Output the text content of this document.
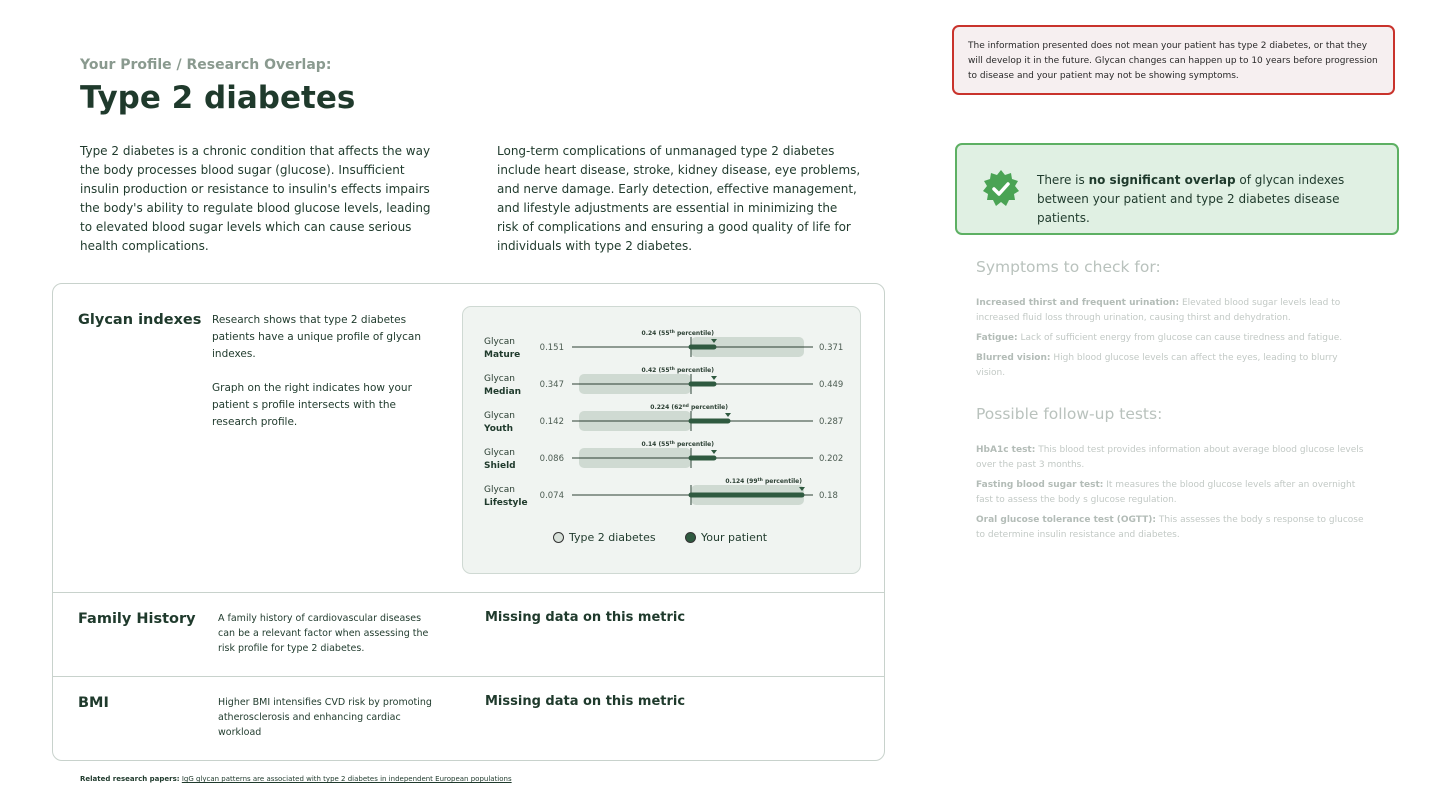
Your Profile / Research Overlap:
Type 2 diabetes
Type 2 diabetes is a chronic condition that affects the way the body processes blood sugar (glucose). Insufficient insulin production or resistance to insulin's effects impairs the body's ability to regulate blood glucose levels, leading to elevated blood sugar levels which can cause serious health complications.
Long-term complications of unmanaged type 2 diabetes include heart disease, stroke, kidney disease, eye problems, and nerve damage. Early detection, effective management, and lifestyle adjustments are essential in minimizing the risk of complications and ensuring a good quality of life for individuals with type 2 diabetes.
Glycan indexes Research shows that type 2 diabetes patients have a unique profile of glycan indexes.
Graph on the right indicates how your patient s profile intersects with the research profile.
0.24 (55th percentile)
0.151	0.371
Glycan
Mature
0.42 (55th percentile)
0.347	0.449
Glycan
Median
0.224 (62nd percentile)
0.142	0.287
Glycan
Youth
0.14 (55th percentile)
0.086	0.202
Glycan
Shield
0.124 (99th percentile)
0.074	0.18
Glycan
Lifestyle
Type 2 diabetes	Your patient
Family History A family history of cardiovascular diseases can be a relevant factor when assessing the risk profile for type 2 diabetes.
Missing data on this metric
BMI	Higher BMI intensifies CVD risk by promoting atherosclerosis and enhancing cardiac workload
Missing data on this metric
Related research papers: IgG glycan patterns are associated with type 2 diabetes in independent European populations
The information presented does not mean your patient has type 2 diabetes, or that they will develop it in the future. Glycan changes can happen up to 10 years before progression to disease and your patient may not be showing symptoms.
There is no significant overlap of glycan indexes between your patient and type 2 diabetes disease patients.
Symptoms to check for:

Increased thirst and frequent urination: Elevated blood sugar levels lead to increased fluid loss through urination, causing thirst and dehydration.

Fatigue: Lack of sufficient energy from glucose can cause tiredness and fatigue.

Blurred vision: High blood glucose levels can affect the eyes, leading to blurry vision.

Possible follow-up tests:

HbA1c test: This blood test provides information about average blood glucose levels over the past 3 months.

Fasting blood sugar test: It measures the blood glucose levels after an overnight fast to assess the body s glucose regulation.

Oral glucose tolerance test (OGTT): This assesses the body s response to glucose to determine insulin resistance and diabetes.
